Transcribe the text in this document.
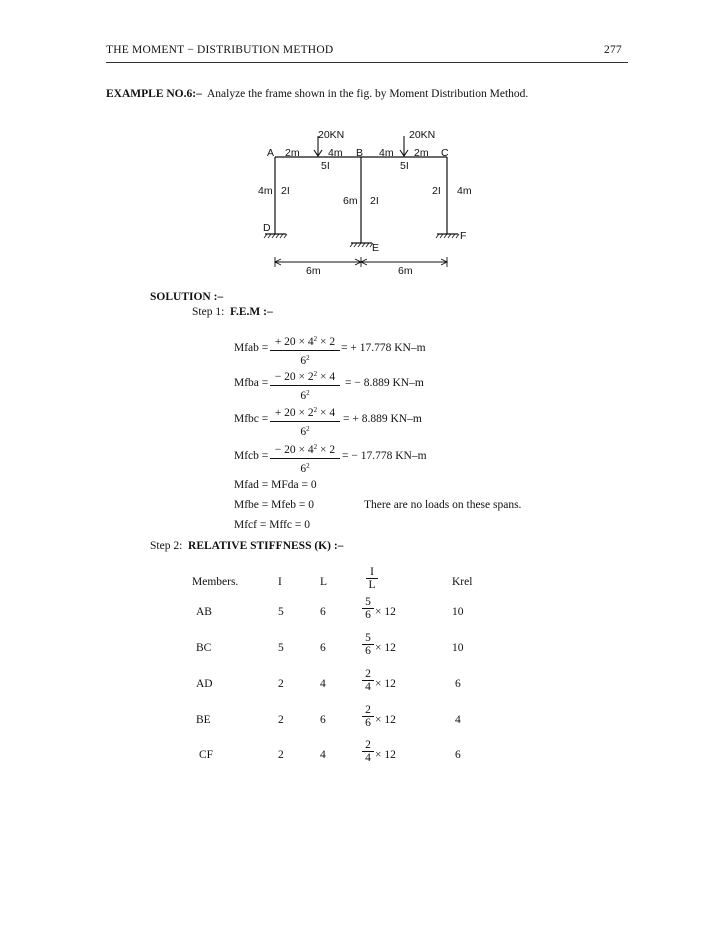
THE MOMENT − DISTRIBUTION METHOD	277
EXAMPLE NO.6:– Analyze the frame shown in the fig. by Moment Distribution Method.
20KN	20KN
A 2m	4m B 4m 2m C
5I	5I
4m 2I
6m 2I
2I 4m
D
E
F
6m	6m
SOLUTION :–
Step 1: F.E.M :–
Mfab = $\frac{+ 20 \times 4^2 \times 2}{6^2}$ = + 17.778 KN–m
Mfba = $\frac{- 20 \times 2^2 \times 4}{6^2}$ = − 8.889 KN–m
Mfbc = $\frac{+ 20 \times 2^2 \times 4}{6^2}$ = + 8.889 KN–m
Mfcb = $\frac{- 20 \times 4^2 \times 2}{6^2}$ = − 17.778 KN–m
Mfad = MFda = 0
Mfbe = Mfeb = 0	There are no loads on these spans.
Mfcf = Mffc = 0
Step 2: RELATIVE STIFFNESS (K) :–
Members.	I	L	$\frac{I}{L}$	Krel
AB	5	6	$\frac{5}{6} \times 12$	10
BC	5	6	$\frac{5}{6} \times 12$	10
AD	2	4	$\frac{2}{4} \times 12$	6
BE	2	6	$\frac{2}{6} \times 12$	4
CF	2	4	$\frac{2}{4} \times 12$	6
